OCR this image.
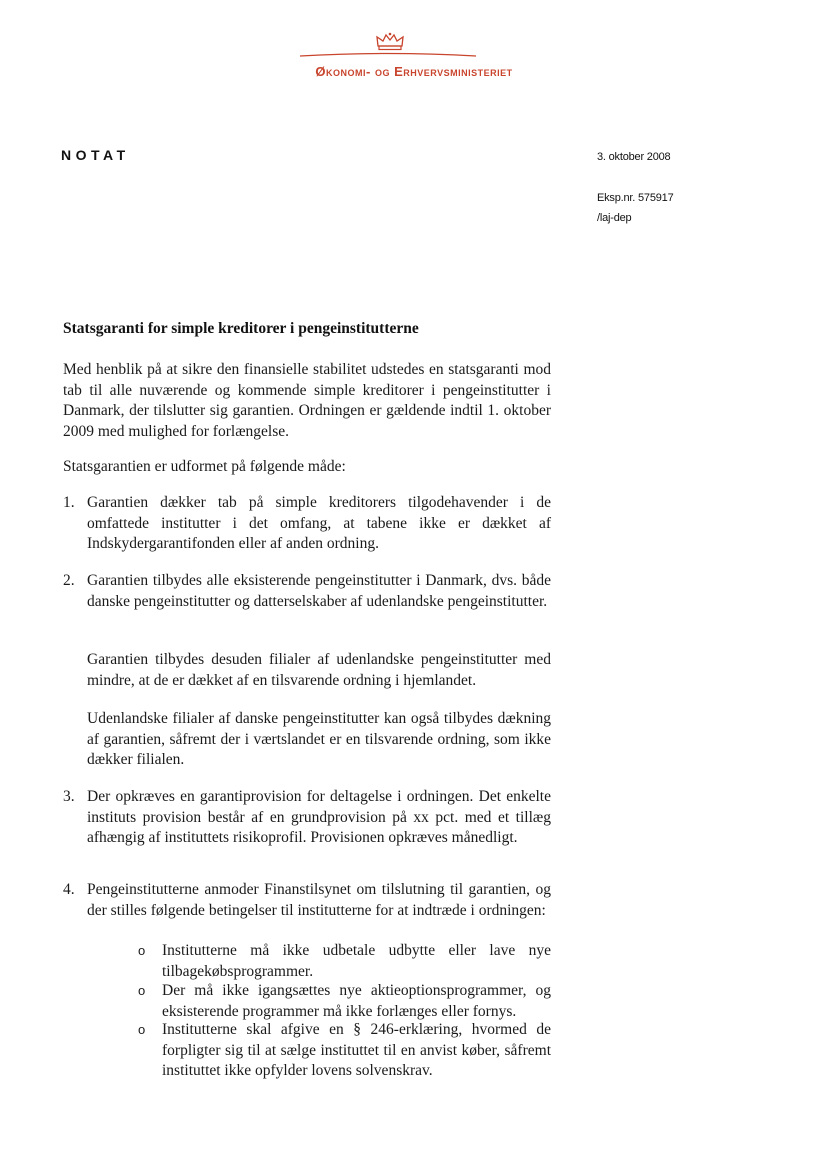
Økonomi- og Erhvervsministeriet
NOTAT	3. oktober 2008
Eksp.nr. 575917
/laj-dep
Statsgaranti for simple kreditorer i pengeinstitutterne

Med henblik på at sikre den finansielle stabilitet udstedes en statsgaranti mod tab til alle nuværende og kommende simple kreditorer i pengeinstitutter i Danmark, der tilslutter sig garantien. Ordningen er gældende indtil 1. oktober 2009 med mulighed for forlængelse.

Statsgarantien er udformet på følgende måde:

1. Garantien dækker tab på simple kreditorers tilgodehavender i de omfattede institutter i det omfang, at tabene ikke er dækket af Indskydergarantifonden eller af anden ordning.

2. Garantien tilbydes alle eksisterende pengeinstitutter i Danmark, dvs. både danske pengeinstitutter og datterselskaber af udenlandske pengeinstitutter.

Garantien tilbydes desuden filialer af udenlandske pengeinstitutter med mindre, at de er dækket af en tilsvarende ordning i hjemlandet.

Udenlandske filialer af danske pengeinstitutter kan også tilbydes dækning af garantien, såfremt der i værtslandet er en tilsvarende ordning, som ikke dækker filialen.

3. Der opkræves en garantiprovision for deltagelse i ordningen. Det enkelte instituts provision består af en grundprovision på xx pct. med et tillæg afhængig af instituttets risikoprofil. Provisionen opkræves månedligt.

4. Pengeinstitutterne anmoder Finanstilsynet om tilslutning til garantien, og der stilles følgende betingelser til institutterne for at indtræde i ordningen:

o Institutterne må ikke udbetale udbytte eller lave nye tilbagekøbsprogrammer.

o Der må ikke igangsættes nye aktieoptionsprogrammer, og eksisterende programmer må ikke forlænges eller fornys.

o Institutterne skal afgive en § 246-erklæring, hvormed de forpligter sig til at sælge instituttet til en anvist køber, såfremt instituttet ikke opfylder lovens solvenskrav.
